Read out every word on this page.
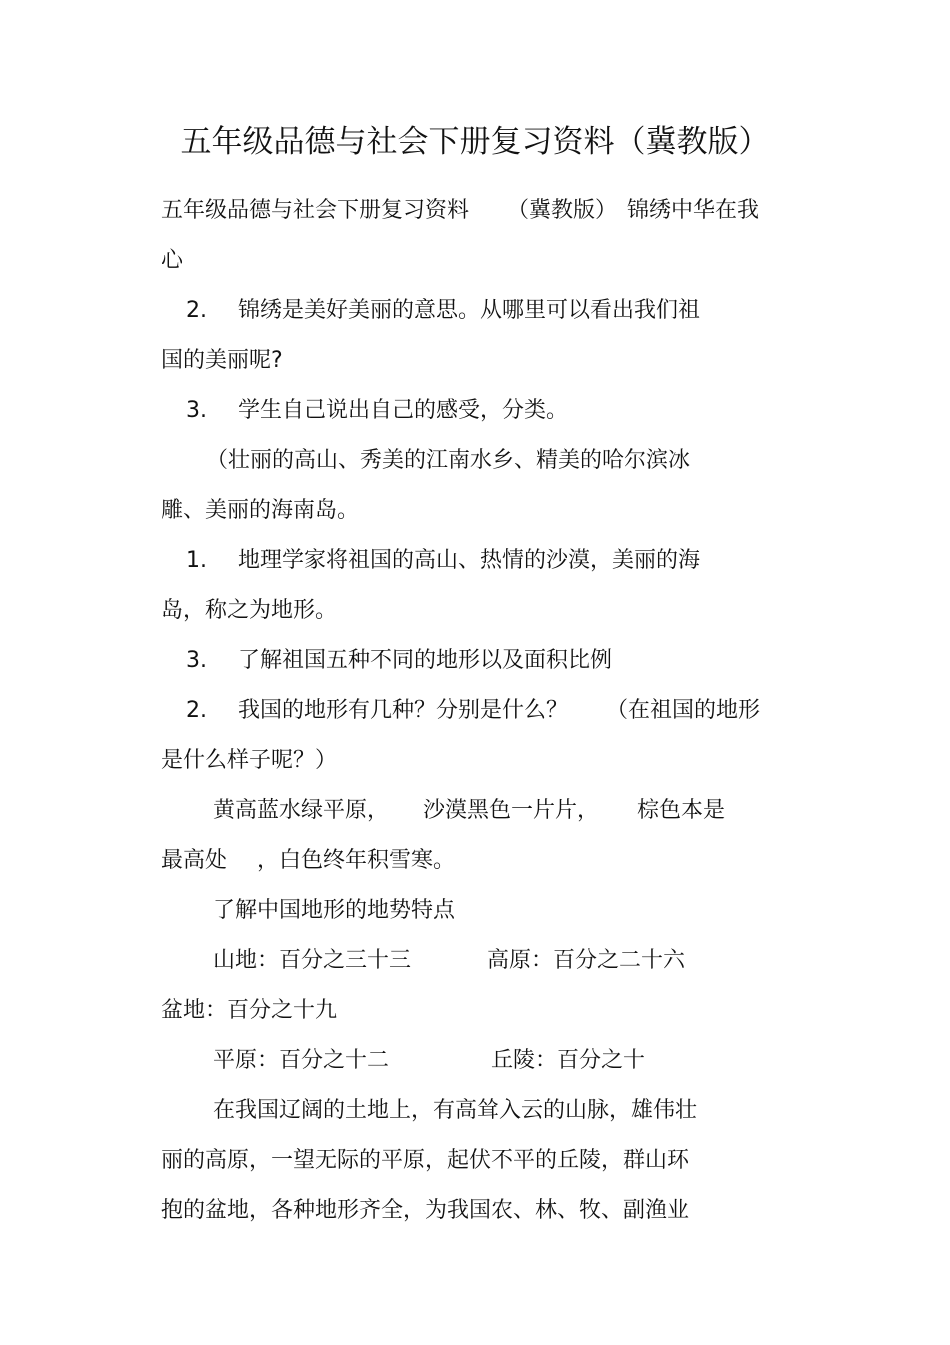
五年级品德与社会下册复习资料（冀教版）
五年级品德与社会下册复习资料 （冀教版） 锦绣中华在我
心
2. 锦绣是美好美丽的意思。从哪里可以看出我们祖
国的美丽呢?
3. 学生自己说出自己的感受，分类。
（壮丽的高山、秀美的江南水乡、精美的哈尔滨冰
雕、美丽的海南岛。
1. 地理学家将祖国的高山、热情的沙漠，美丽的海
岛，称之为地形。
3. 了解祖国五种不同的地形以及面积比例
2. 我国的地形有几种？分别是什么？ （在祖国的地形
是什么样子呢？）
黄高蓝水绿平原， 沙漠黑色一片片， 棕色本是
最高处 ，白色终年积雪寒。
了解中国地形的地势特点
山地：百分之三十三	高原：百分之二十六
盆地：百分之十九
平原：百分之十二	丘陵：百分之十
在我国辽阔的土地上，有高耸入云的山脉，雄伟壮
丽的高原，一望无际的平原，起伏不平的丘陵，群山环
抱的盆地，各种地形齐全，为我国农、林、牧、副渔业
